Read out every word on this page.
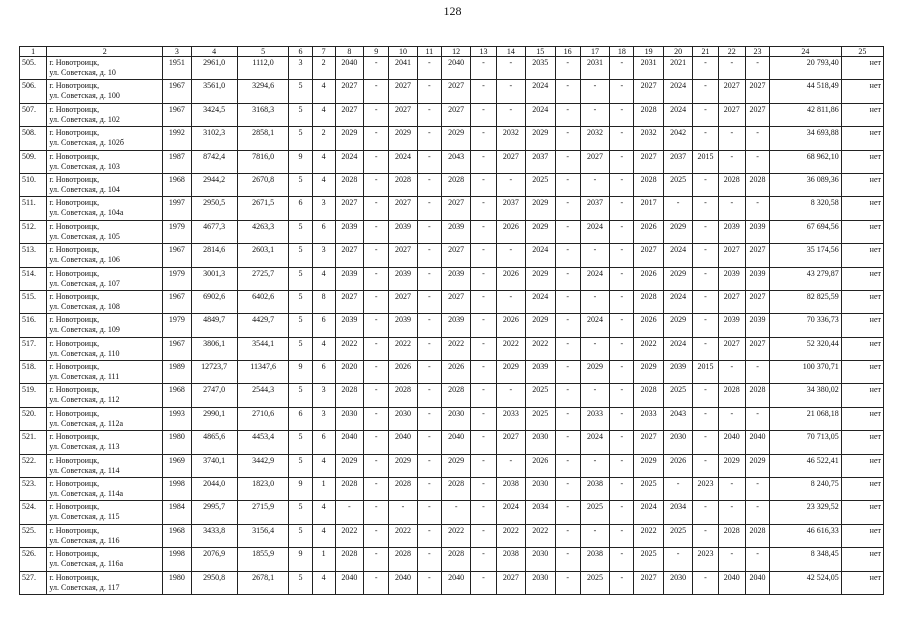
128
1	2	3	4	5	6	7	8	9	10	11	12	13	14	15	16	17	18	19	20	21	22	23	24	25
505.	г. Новотроицк,
ул. Советская, д. 10	1951	2961,0	1112,0	3	2	2040	-	2041	-	2040	-	-	2035	-	2031	-	2031	2021	-	-	-	20 793,40	нет
506.	г. Новотроицк,
ул. Советская, д. 100	1967	3561,0	3294,6	5	4	2027	-	2027	-	2027	-	-	2024	-	-	-	2027	2024	-	2027	2027	44 518,49	нет
507.	г. Новотроицк,
ул. Советская, д. 102	1967	3424,5	3168,3	5	4	2027	-	2027	-	2027	-	-	2024	-	-	-	2028	2024	-	2027	2027	42 811,86	нет
508.	г. Новотроицк,
ул. Советская, д. 102б	1992	3102,3	2858,1	5	2	2029	-	2029	-	2029	-	2032	2029	-	2032	-	2032	2042	-	-	-	34 693,88	нет
509.	г. Новотроицк,
ул. Советская, д. 103	1987	8742,4	7816,0	9	4	2024	-	2024	-	2043	-	2027	2037	-	2027	-	2027	2037	2015	-	-	68 962,10	нет
510.	г. Новотроицк,
ул. Советская, д. 104	1968	2944,2	2670,8	5	4	2028	-	2028	-	2028	-	-	2025	-	-	-	2028	2025	-	2028	2028	36 089,36	нет
511.	г. Новотроицк,
ул. Советская, д. 104а	1997	2950,5	2671,5	6	3	2027	-	2027	-	2027	-	2037	2029	-	2037	-	2017	-	-	-	-	8 320,58	нет
512.	г. Новотроицк,
ул. Советская, д. 105	1979	4677,3	4263,3	5	6	2039	-	2039	-	2039	-	2026	2029	-	2024	-	2026	2029	-	2039	2039	67 694,56	нет
513.	г. Новотроицк,
ул. Советская, д. 106	1967	2814,6	2603,1	5	3	2027	-	2027	-	2027	-	-	2024	-	-	-	2027	2024	-	2027	2027	35 174,56	нет
514.	г. Новотроицк,
ул. Советская, д. 107	1979	3001,3	2725,7	5	4	2039	-	2039	-	2039	-	2026	2029	-	2024	-	2026	2029	-	2039	2039	43 279,87	нет
515.	г. Новотроицк,
ул. Советская, д. 108	1967	6902,6	6402,6	5	8	2027	-	2027	-	2027	-	-	2024	-	-	-	2028	2024	-	2027	2027	82 825,59	нет
516.	г. Новотроицк,
ул. Советская, д. 109	1979	4849,7	4429,7	5	6	2039	-	2039	-	2039	-	2026	2029	-	2024	-	2026	2029	-	2039	2039	70 336,73	нет
517.	г. Новотроицк,
ул. Советская, д. 110	1967	3806,1	3544,1	5	4	2022	-	2022	-	2022	-	2022	2022	-	-	-	2022	2024	-	2027	2027	52 320,44	нет
518.	г. Новотроицк,
ул. Советская, д. 111	1989	12723,7	11347,6	9	6	2020	-	2026	-	2026	-	2029	2039	-	2029	-	2029	2039	2015	-	-	100 370,71	нет
519.	г. Новотроицк,
ул. Советская, д. 112	1968	2747,0	2544,3	5	3	2028	-	2028	-	2028	-	-	2025	-	-	-	2028	2025	-	2028	2028	34 380,02	нет
520.	г. Новотроицк,
ул. Советская, д. 112а	1993	2990,1	2710,6	6	3	2030	-	2030	-	2030	-	2033	2025	-	2033	-	2033	2043	-	-	-	21 068,18	нет
521.	г. Новотроицк,
ул. Советская, д. 113	1980	4865,6	4453,4	5	6	2040	-	2040	-	2040	-	2027	2030	-	2024	-	2027	2030	-	2040	2040	70 713,05	нет
522.	г. Новотроицк,
ул. Советская, д. 114	1969	3740,1	3442,9	5	4	2029	-	2029	-	2029	-	-	2026	-	-	-	2029	2026	-	2029	2029	46 522,41	нет
523.	г. Новотроицк,
ул. Советская, д. 114а	1998	2044,0	1823,0	9	1	2028	-	2028	-	2028	-	2038	2030	-	2038	-	2025	-	2023	-	-	8 240,75	нет
524.	г. Новотроицк,
ул. Советская, д. 115	1984	2995,7	2715,9	5	4	-	-	-	-	-	-	2024	2034	-	2025	-	2024	2034	-	-	-	23 329,52	нет
525.	г. Новотроицк,
ул. Советская, д. 116	1968	3433,8	3156,4	5	4	2022	-	2022	-	2022	-	2022	2022	-	-	-	2022	2025	-	2028	2028	46 616,33	нет
526.	г. Новотроицк,
ул. Советская, д. 116а	1998	2076,9	1855,9	9	1	2028	-	2028	-	2028	-	2038	2030	-	2038	-	2025	-	2023	-	-	8 348,45	нет
527.	г. Новотроицк,
ул. Советская, д. 117	1980	2950,8	2678,1	5	4	2040	-	2040	-	2040	-	2027	2030	-	2025	-	2027	2030	-	2040	2040	42 524,05	нет
